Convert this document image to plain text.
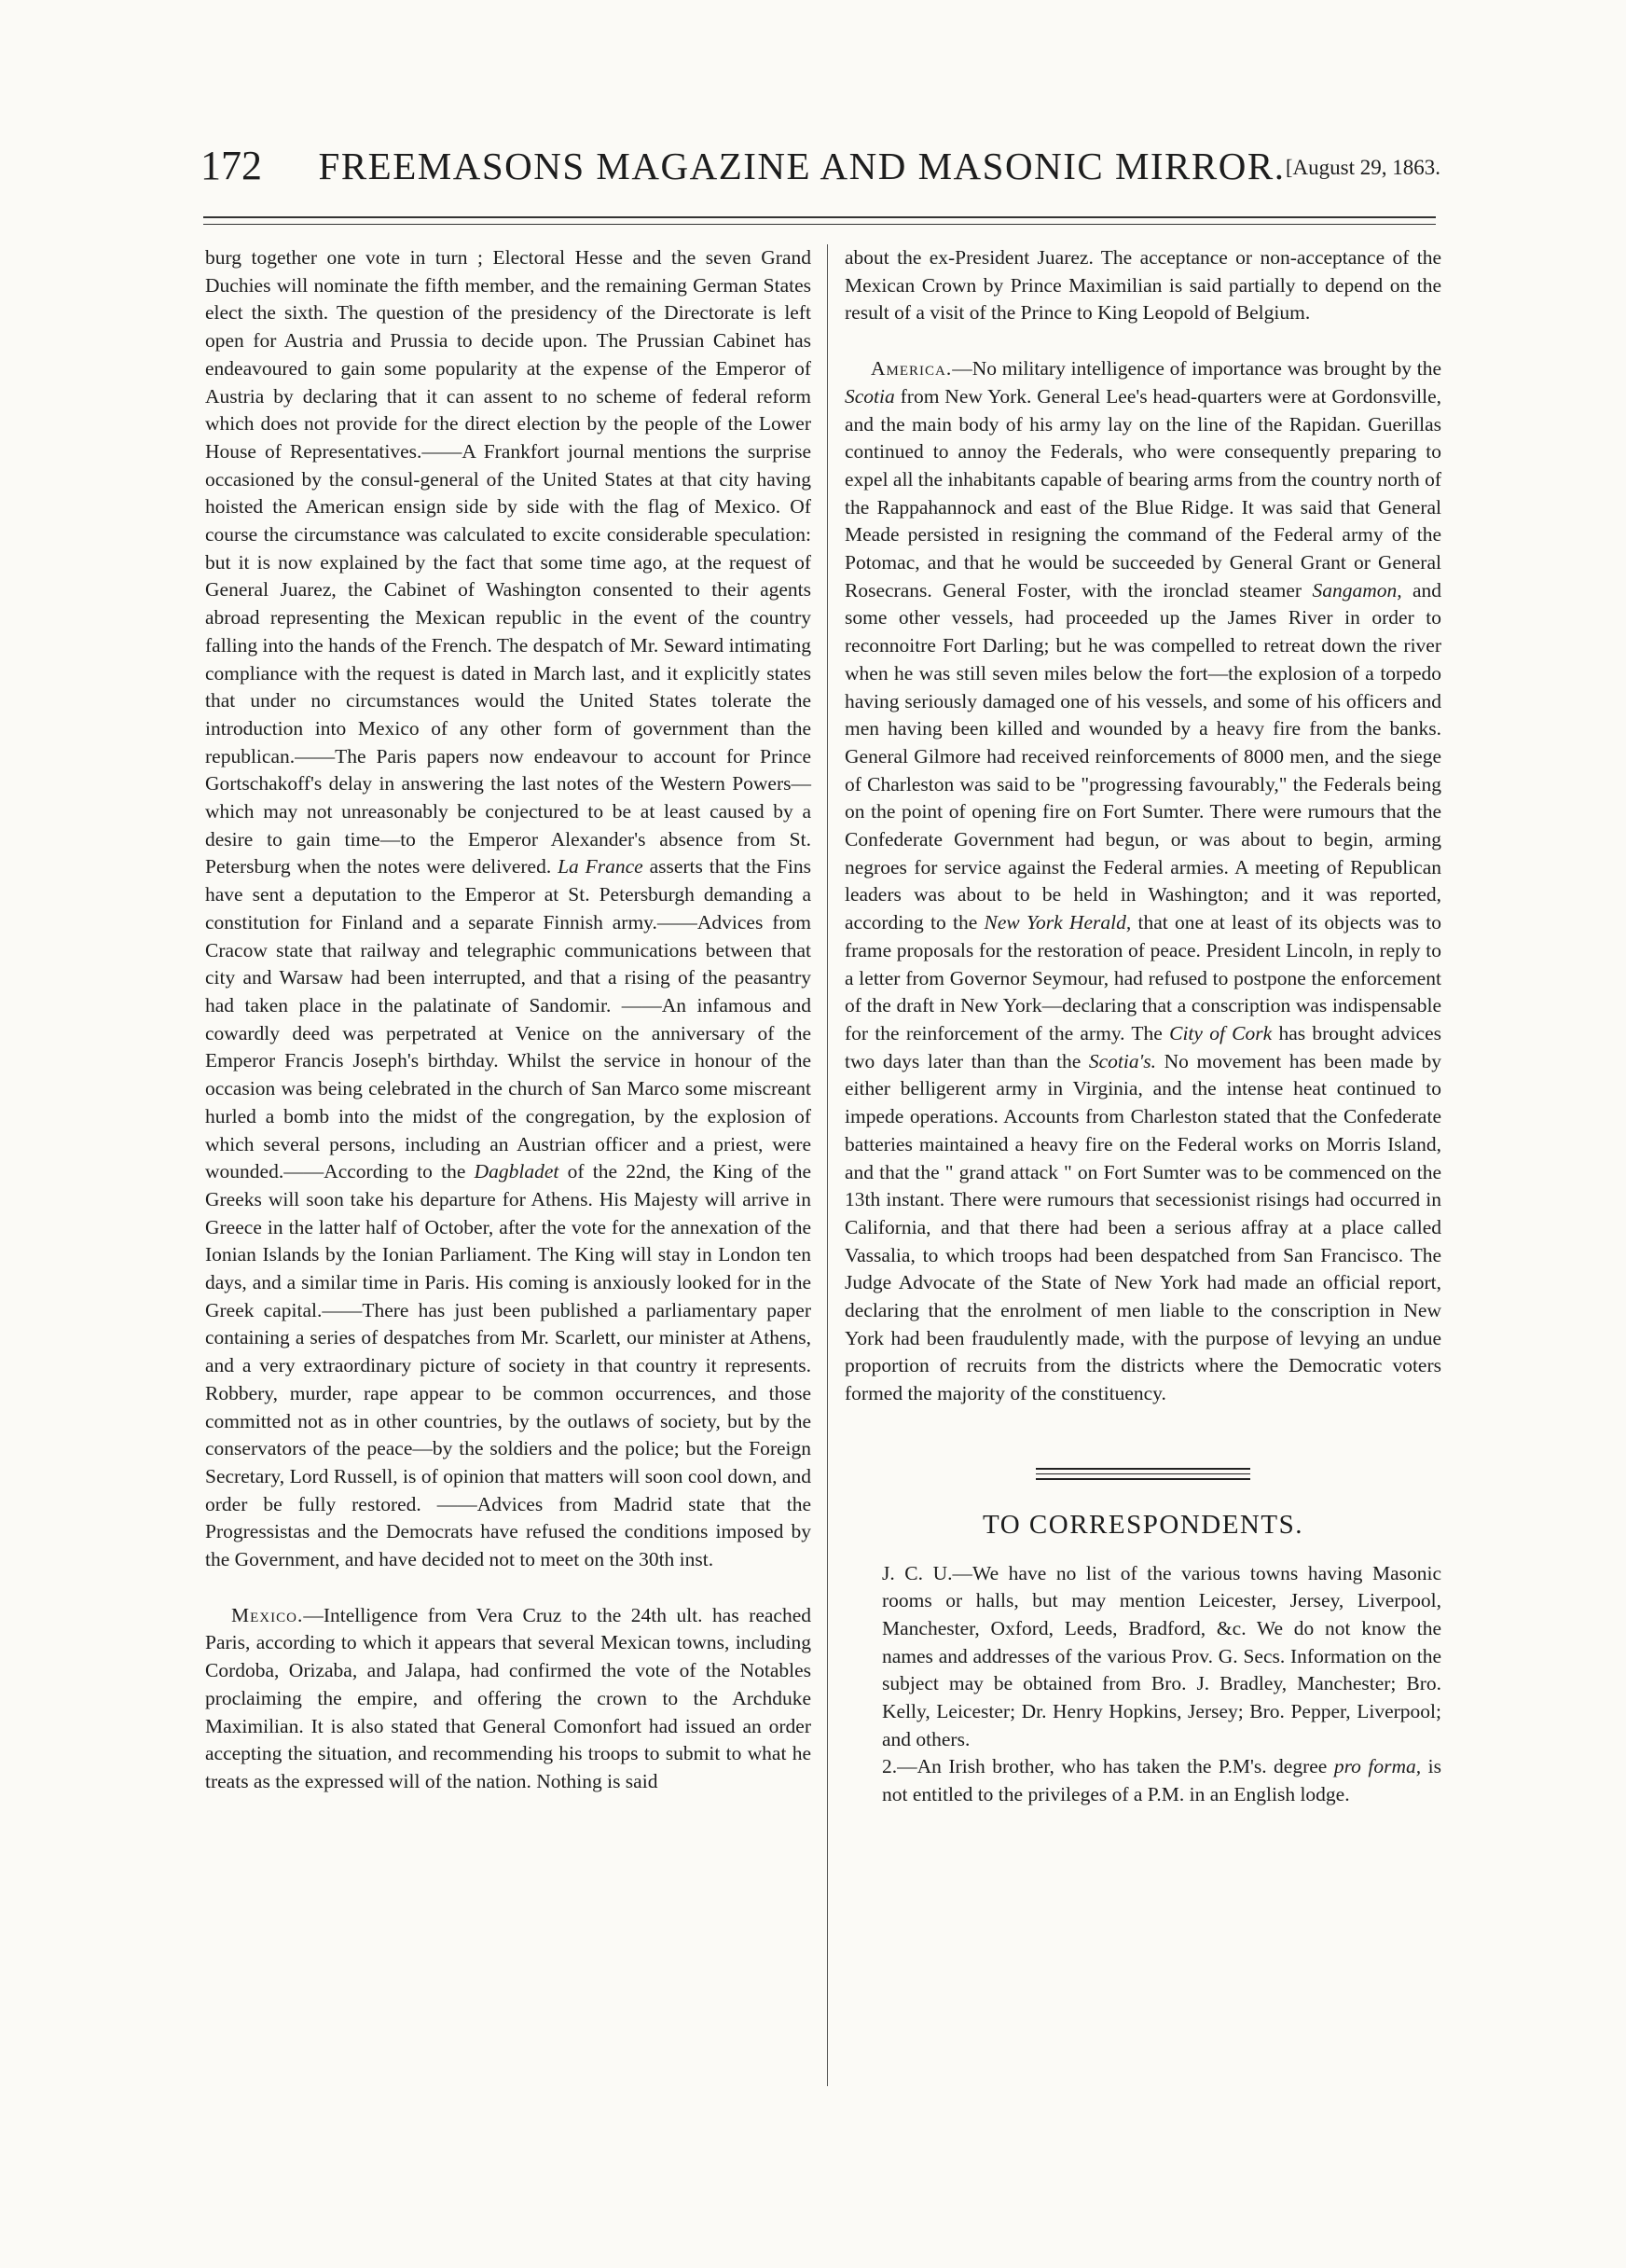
172	FREEMASONS MAGAZINE AND MASONIC MIRROR. [August 29, 1863.

burg together one vote in turn ; Electoral Hesse and the seven Grand Duchies will nominate the fifth member, and the remaining German States elect the sixth. The question of the presidency of the Directorate is left open for Austria and Prussia to decide upon. The Prussian Cabinet has endeavoured to gain some popularity at the expense of the Emperor of Austria by declaring that it can assent to no scheme of federal reform which does not provide for the direct election by the people of the Lower House of Representatives.——A Frankfort journal mentions the surprise occasioned by the consul-general of the United States at that city having hoisted the American ensign side by side with the flag of Mexico. Of course the circumstance was calculated to excite considerable speculation: but it is now explained by the fact that some time ago, at the request of General Juarez, the Cabinet of Washington consented to their agents abroad representing the Mexican republic in the event of the country falling into the hands of the French. The despatch of Mr. Seward intimating compliance with the request is dated in March last, and it explicitly states that under no circumstances would the United States tolerate the introduction into Mexico of any other form of government than the republican.——The Paris papers now endeavour to account for Prince Gortschakoff's delay in answering the last notes of the Western Powers—which may not unreasonably be conjectured to be at least caused by a desire to gain time—to the Emperor Alexander's absence from St. Petersburg when the notes were delivered. La France asserts that the Fins have sent a deputation to the Emperor at St. Petersburgh demanding a constitution for Finland and a separate Finnish army.——Advices from Cracow state that railway and telegraphic communications between that city and Warsaw had been interrupted, and that a rising of the peasantry had taken place in the palatinate of Sandomir. ——An infamous and cowardly deed was perpetrated at Venice on the anniversary of the Emperor Francis Joseph's birthday. Whilst the service in honour of the occasion was being celebrated in the church of San Marco some miscreant hurled a bomb into the midst of the congregation, by the explosion of which several persons, including an Austrian officer and a priest, were wounded.——According to the Dagbladet of the 22nd, the King of the Greeks will soon take his departure for Athens. His Majesty will arrive in Greece in the latter half of October, after the vote for the annexation of the Ionian Islands by the Ionian Parliament. The King will stay in London ten days, and a similar time in Paris. His coming is anxiously looked for in the Greek capital.——There has just been published a parliamentary paper containing a series of despatches from Mr. Scarlett, our minister at Athens, and a very extraordinary picture of society in that country it represents. Robbery, murder, rape appear to be common occurrences, and those committed not as in other countries, by the outlaws of society, but by the conservators of the peace—by the soldiers and the police; but the Foreign Secretary, Lord Russell, is of opinion that matters will soon cool down, and order be fully restored. ——Advices from Madrid state that the Progressistas and the Democrats have refused the conditions imposed by the Government, and have decided not to meet on the 30th inst.

Mexico.—Intelligence from Vera Cruz to the 24th ult. has reached Paris, according to which it appears that several Mexican towns, including Cordoba, Orizaba, and Jalapa, had confirmed the vote of the Notables proclaiming the empire, and offering the crown to the Archduke Maximilian. It is also stated that General Comonfort had issued an order accepting the situation, and recommending his troops to submit to what he treats as the expressed will of the nation. Nothing is said

about the ex-President Juarez. The acceptance or non-acceptance of the Mexican Crown by Prince Maximilian is said partially to depend on the result of a visit of the Prince to King Leopold of Belgium.

America.—No military intelligence of importance was brought by the Scotia from New York. General Lee's head-quarters were at Gordonsville, and the main body of his army lay on the line of the Rapidan. Guerillas continued to annoy the Federals, who were consequently preparing to expel all the inhabitants capable of bearing arms from the country north of the Rappahannock and east of the Blue Ridge. It was said that General Meade persisted in resigning the command of the Federal army of the Potomac, and that he would be succeeded by General Grant or General Rosecrans. General Foster, with the ironclad steamer Sangamon, and some other vessels, had proceeded up the James River in order to reconnoitre Fort Darling; but he was compelled to retreat down the river when he was still seven miles below the fort—the explosion of a torpedo having seriously damaged one of his vessels, and some of his officers and men having been killed and wounded by a heavy fire from the banks. General Gilmore had received reinforcements of 8000 men, and the siege of Charleston was said to be "progressing favourably," the Federals being on the point of opening fire on Fort Sumter. There were rumours that the Confederate Government had begun, or was about to begin, arming negroes for service against the Federal armies. A meeting of Republican leaders was about to be held in Washington; and it was reported, according to the New York Herald, that one at least of its objects was to frame proposals for the restoration of peace. President Lincoln, in reply to a letter from Governor Seymour, had refused to postpone the enforcement of the draft in New York—declaring that a conscription was indispensable for the reinforcement of the army. The City of Cork has brought advices two days later than than the Scotia's. No movement has been made by either belligerent army in Virginia, and the intense heat continued to impede operations. Accounts from Charleston stated that the Confederate batteries maintained a heavy fire on the Federal works on Morris Island, and that the " grand attack " on Fort Sumter was to be commenced on the 13th instant. There were rumours that secessionist risings had occurred in California, and that there had been a serious affray at a place called Vassalia, to which troops had been despatched from San Francisco. The Judge Advocate of the State of New York had made an official report, declaring that the enrolment of men liable to the conscription in New York had been fraudulently made, with the purpose of levying an undue proportion of recruits from the districts where the Democratic voters formed the majority of the constituency.

TO CORRESPONDENTS.

J. C. U.—We have no list of the various towns having Masonic rooms or halls, but may mention Leicester, Jersey, Liverpool, Manchester, Oxford, Leeds, Bradford, &c. We do not know the names and addresses of the various Prov. G. Secs. Information on the subject may be obtained from Bro. J. Bradley, Manchester; Bro. Kelly, Leicester; Dr. Henry Hopkins, Jersey; Bro. Pepper, Liverpool; and others.

2.—An Irish brother, who has taken the P.M's. degree pro forma, is not entitled to the privileges of a P.M. in an English lodge.
